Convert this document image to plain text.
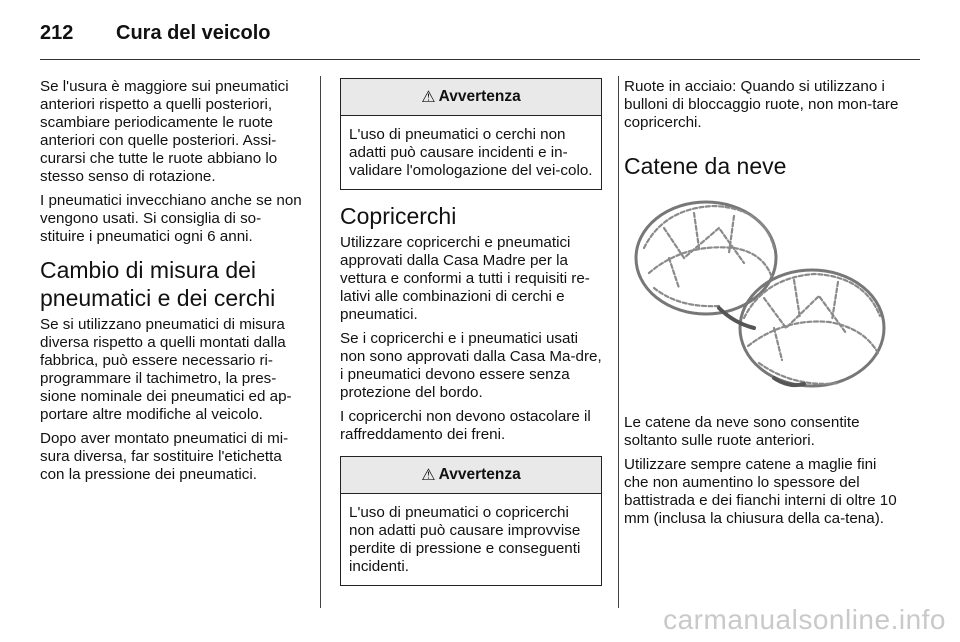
212	Cura del veicolo

Se l'usura è maggiore sui pneumatici anteriori rispetto a quelli posteriori, scambiare periodicamente le ruote anteriori con quelle posteriori. Assi-curarsi che tutte le ruote abbiano lo stesso senso di rotazione.

I pneumatici invecchiano anche se non vengono usati. Si consiglia di so-stituire i pneumatici ogni 6 anni.

Cambio di misura dei pneumatici e dei cerchi

Se si utilizzano pneumatici di misura diversa rispetto a quelli montati dalla fabbrica, può essere necessario ri-programmare il tachimetro, la pres-sione nominale dei pneumatici ed ap-portare altre modifiche al veicolo.

Dopo aver montato pneumatici di mi-sura diversa, far sostituire l'etichetta con la pressione dei pneumatici.

⚠ Avvertenza
L'uso di pneumatici o cerchi non adatti può causare incidenti e in-validare l'omologazione del vei-colo.
Copricerchi

Utilizzare copricerchi e pneumatici approvati dalla Casa Madre per la vettura e conformi a tutti i requisiti re-lativi alle combinazioni di cerchi e pneumatici.

Se i copricerchi e i pneumatici usati non sono approvati dalla Casa Ma-dre, i pneumatici devono essere senza protezione del bordo.

I copricerchi non devono ostacolare il raffreddamento dei freni.

⚠ Avvertenza
L'uso di pneumatici o copricerchi non adatti può causare improvvise perdite di pressione e conseguenti incidenti.

Ruote in acciaio: Quando si utilizzano i bulloni di bloccaggio ruote, non mon-tare copricerchi.

Catene da neve

Le catene da neve sono consentite soltanto sulle ruote anteriori.

Utilizzare sempre catene a maglie fini che non aumentino lo spessore del battistrada e dei fianchi interni di oltre 10 mm (inclusa la chiusura della ca-tena).

carmanualsonline.info
